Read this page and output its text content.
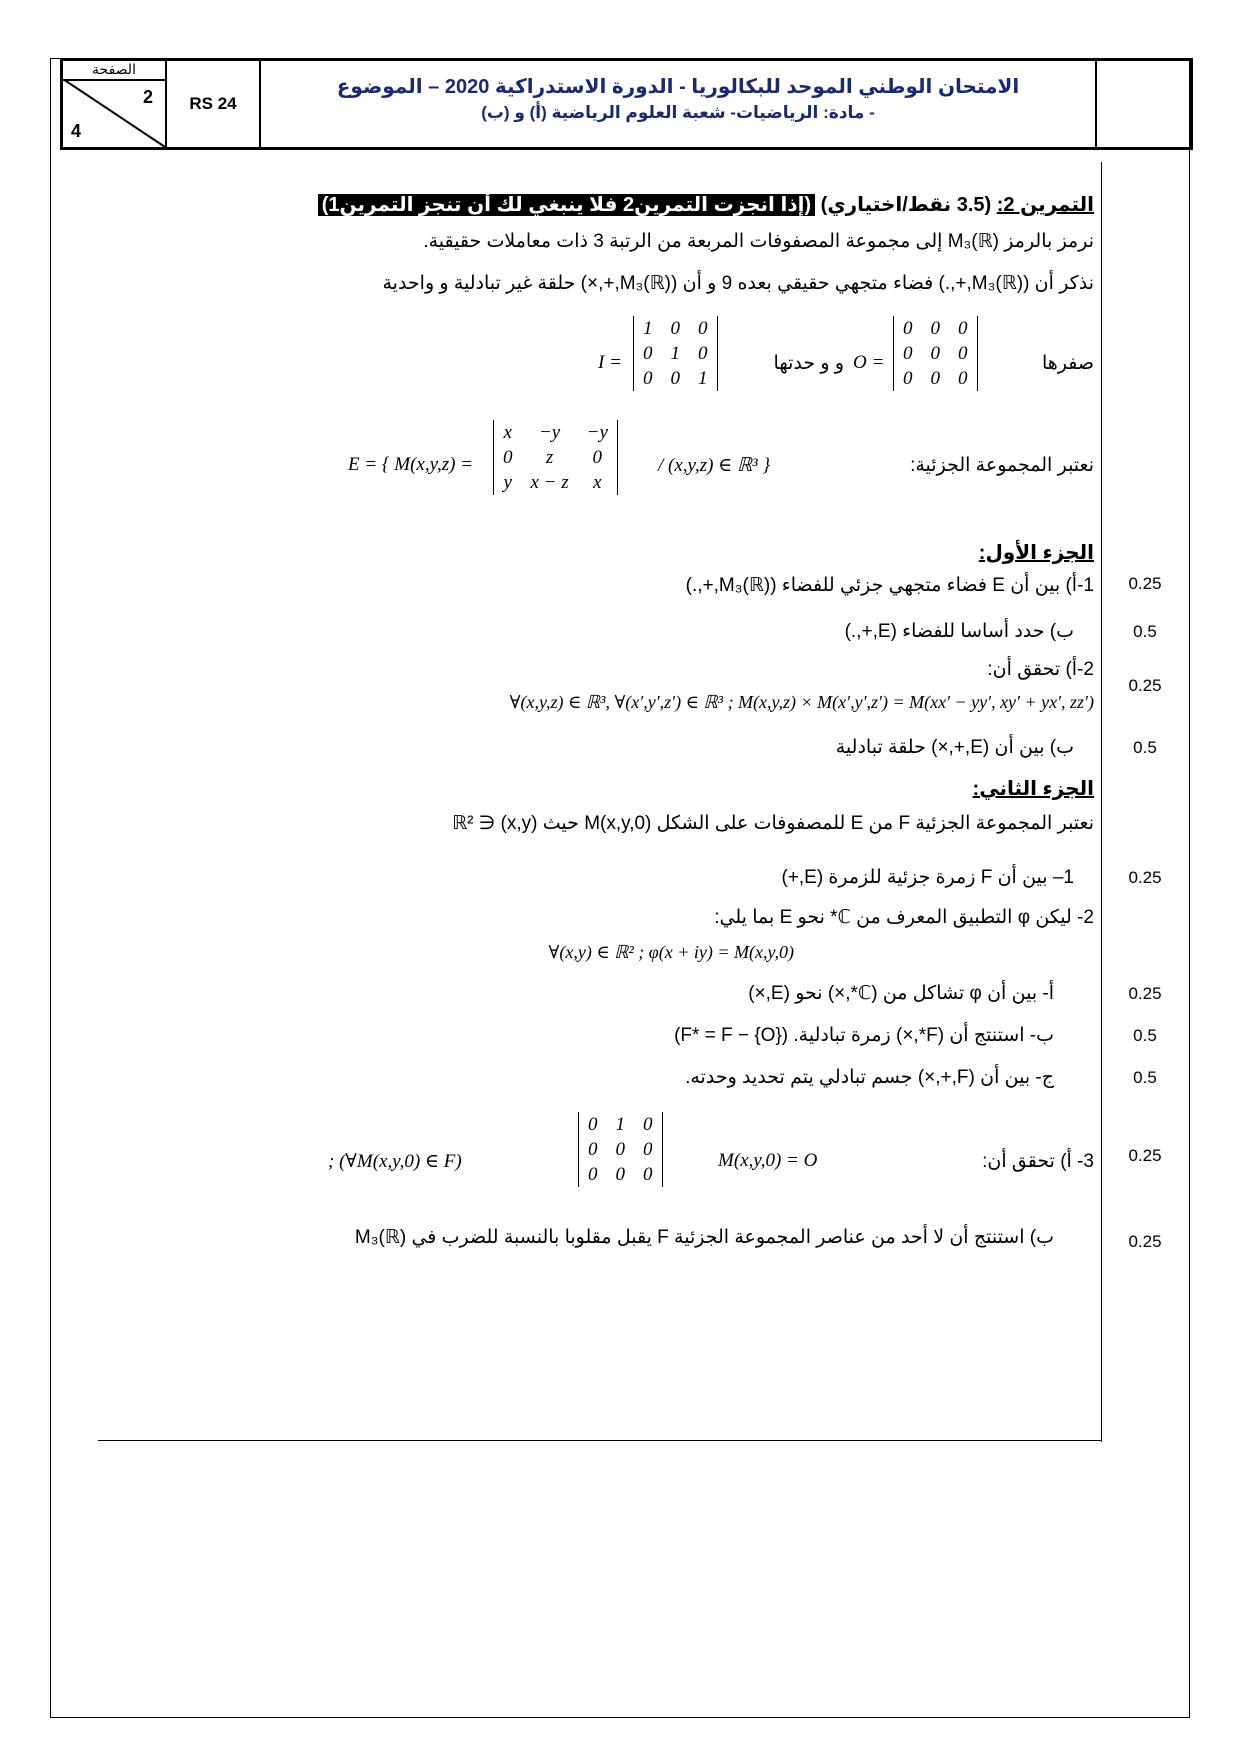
الصفحة
2
4
RS 24
الامتحان الوطني الموحد للبكالوريا - الدورة الاستدراكية 2020 – الموضوع
- مادة: الرياضيات- شعبة العلوم الرياضية (أ) و (ب)
التمرين 2: (3.5 نقط/اختياري) (إذا انجزت التمرين2 فلا ينبغي لك أن تنجز التمرين1)
نرمز بالرمز M₃(ℝ) إلى مجموعة المصفوفات المربعة من الرتبة 3 ذات معاملات حقيقية.
نذكر أن (M₃(ℝ),+,.) فضاء متجهي حقيقي بعده 9 و أن (M₃(ℝ),+,×) حلقة غير تبادلية و واحدية
صفرها
0	0	0
0	0	0
0	0	0
O =
و و حدتها
1	0	0
0	1	0
0	0	1
I =
نعتبر المجموعة الجزئية:
E = { M(x,y,z) =
x	−y	−y
0	z	0
y	x − z	x
/ (x,y,z) ∈ ℝ³ }
الجزء الأول:
1-أ) بين أن E فضاء متجهي جزئي للفضاء (M₃(ℝ),+,.)
ب) حدد أساسا للفضاء (E,+,.)
2-أ) تحقق أن:
∀(x,y,z) ∈ ℝ³, ∀(x′,y′,z′) ∈ ℝ³ ; M(x,y,z) × M(x′,y′,z′) = M(xx′ − yy′, xy′ + yx′, zz′)
ب) بين أن (E,+,×) حلقة تبادلية
الجزء الثاني:
نعتبر المجموعة الجزئية F من E للمصفوفات على الشكل M(x,y,0) حيث (x,y) ∈ ℝ²
1– بين أن F زمرة جزئية للزمرة (E,+)
2- ليكن φ التطبيق المعرف من ℂ* نحو E بما يلي:
∀(x,y) ∈ ℝ² ; φ(x + iy) = M(x,y,0)
أ- بين أن φ تشاكل من (ℂ*,×) نحو (E,×)
ب- استنتج أن (F*,×) زمرة تبادلية. (F* = F − {O})
ج- بين أن (F,+,×) جسم تبادلي يتم تحديد وحدته.
3- أ) تحقق أن:
M(x,y,0) = O
0	1	0
0	0	0
0	0	0
; (∀M(x,y,0) ∈ F)
ب) استنتج أن لا أحد من عناصر المجموعة الجزئية F يقبل مقلوبا بالنسبة للضرب في M₃(ℝ)
0.25
0.5
0.25
0.5
0.25
0.25
0.5
0.5
0.25
0.25
